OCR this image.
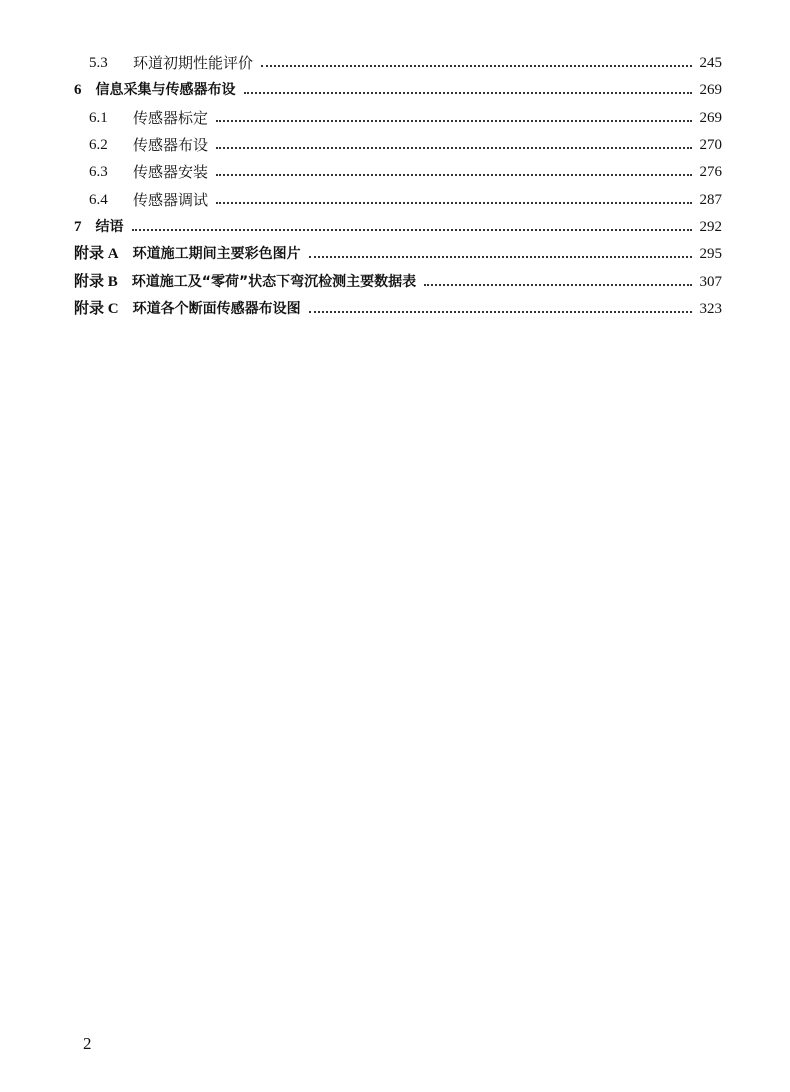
5.3	环道初期性能评价	245
6 信息采集与传感器布设	269
6.1	传感器标定	269
6.2	传感器布设	270
6.3	传感器安装	276
6.4	传感器调试	287
7 结语	292
附录 A 环道施工期间主要彩色图片	295
附录 B 环道施工及“零荷”状态下弯沉检测主要数据表	307
附录 C 环道各个断面传感器布设图	323
2
